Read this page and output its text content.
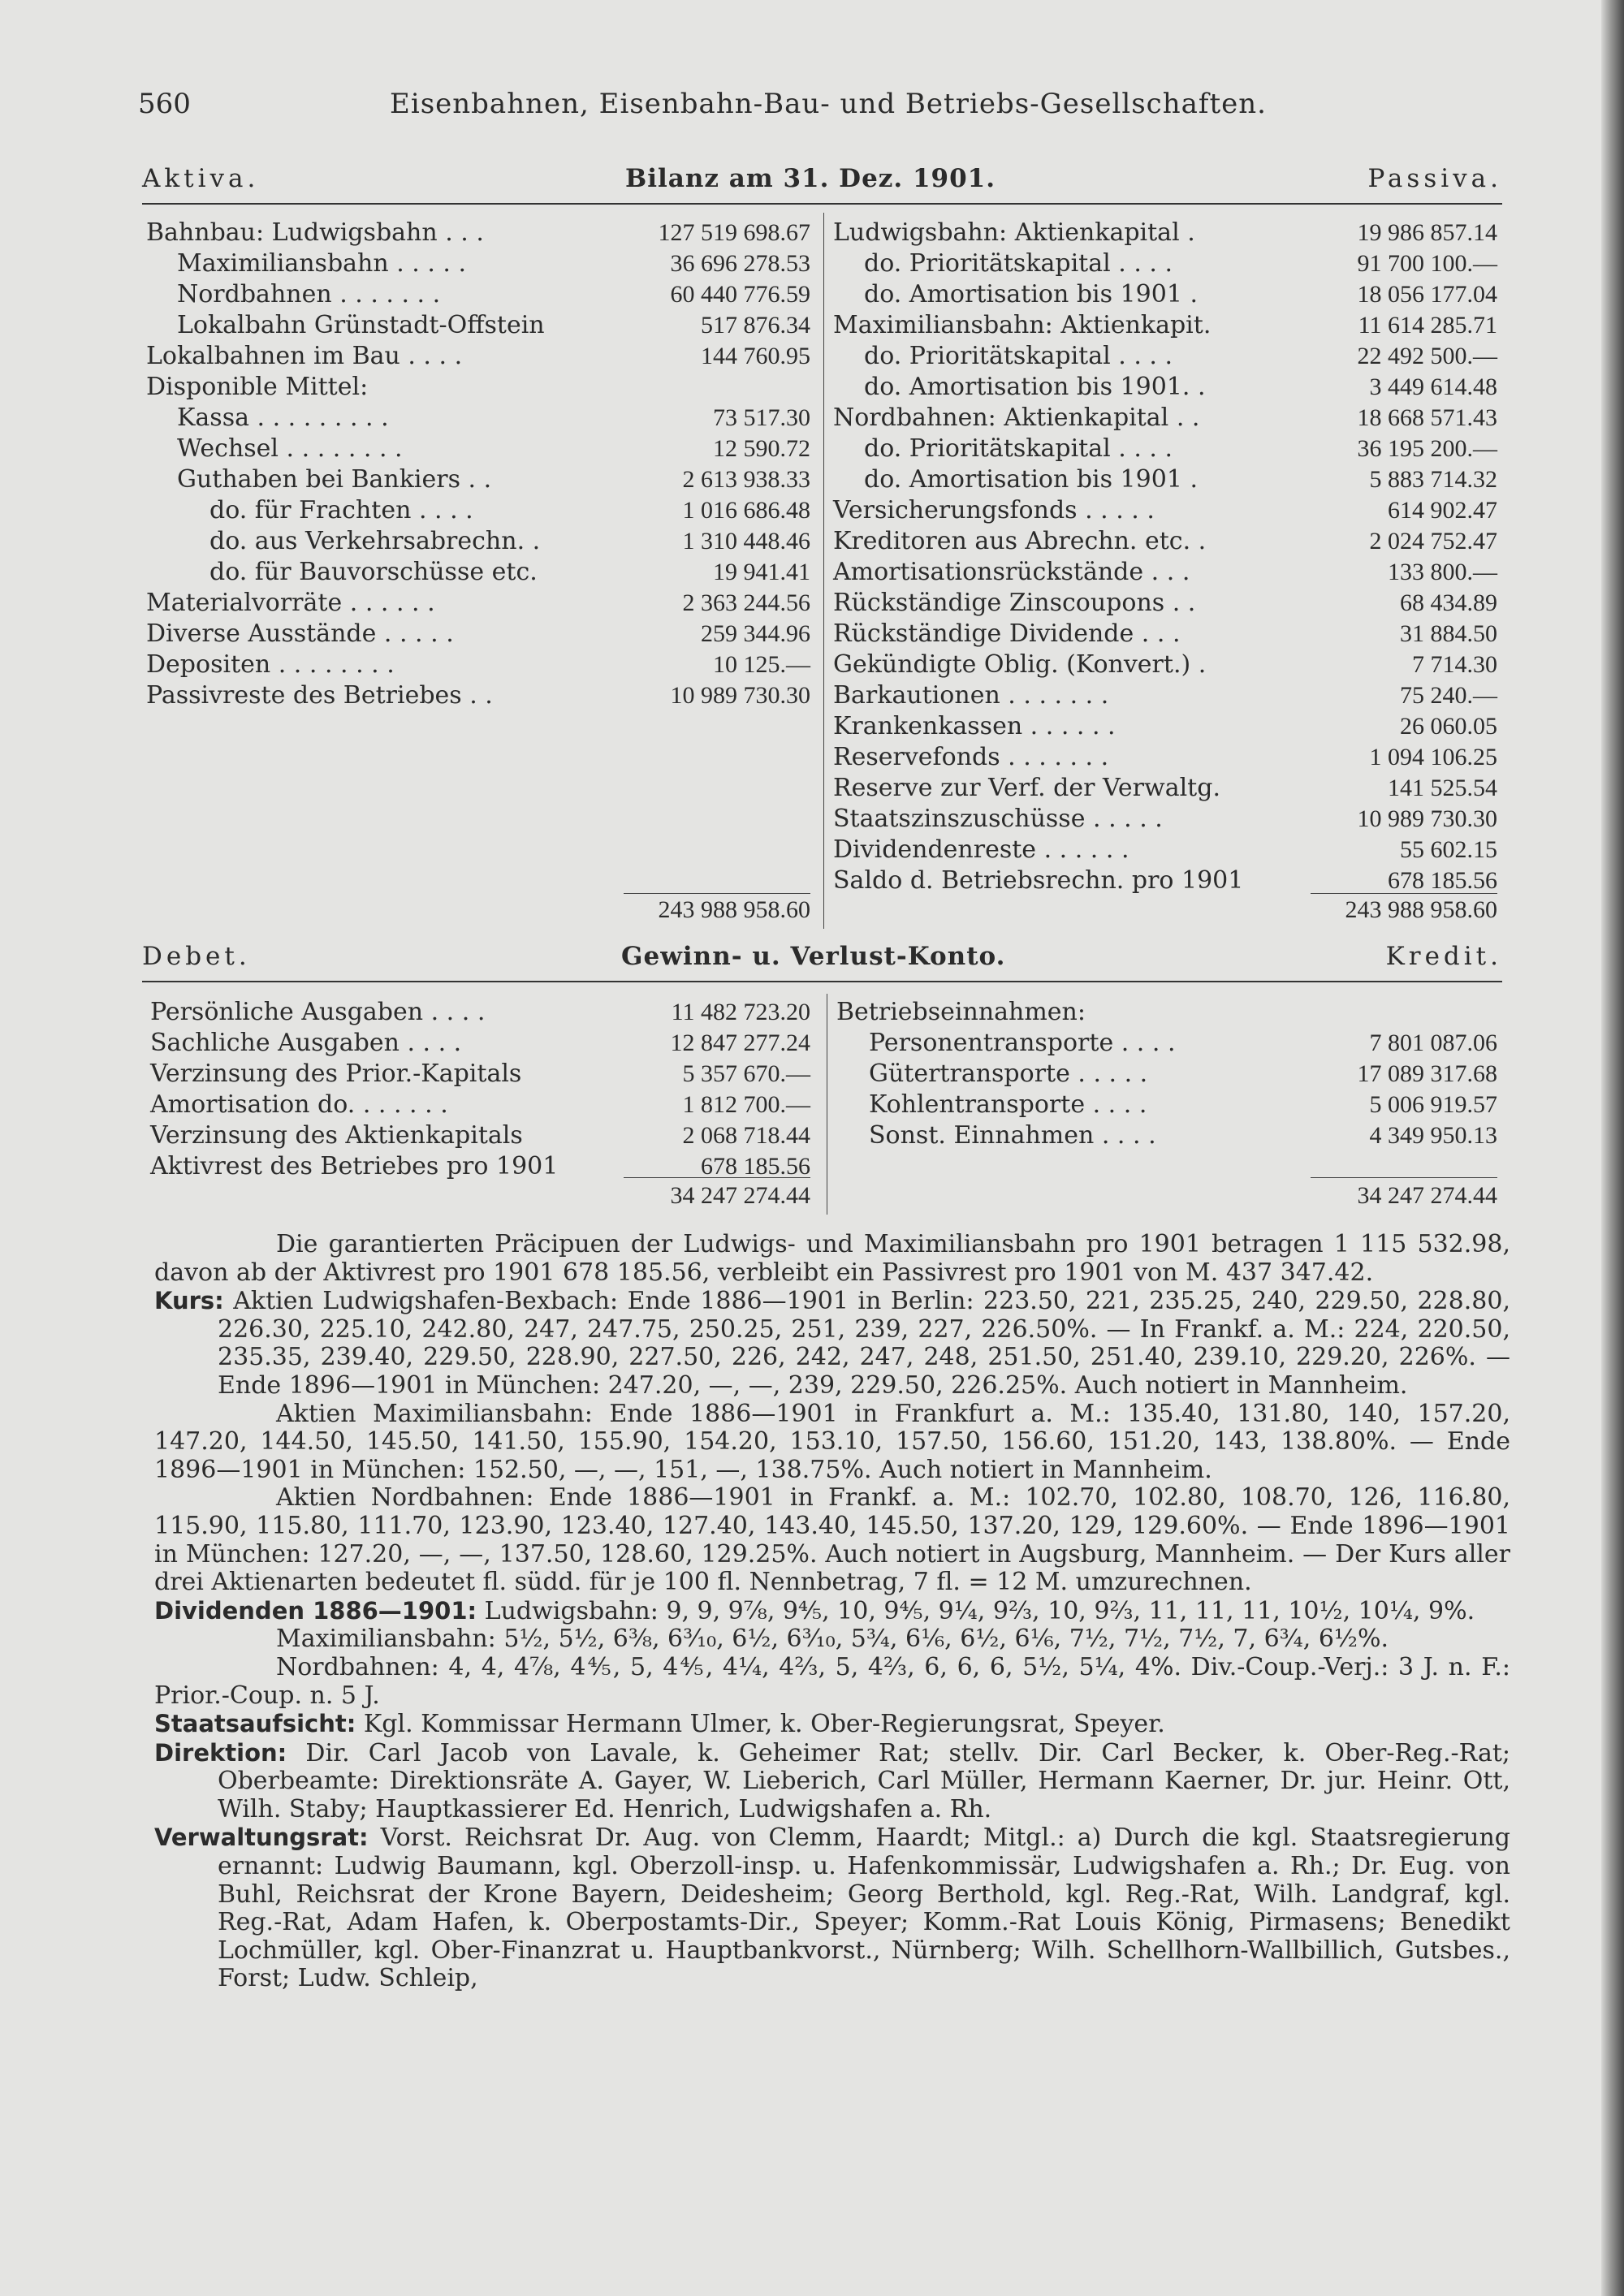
560	Eisenbahnen, Eisenbahn-Bau- und Betriebs-Gesellschaften.
Aktiva.	Bilanz am 31. Dez. 1901.	Passiva.
Bahnbau: Ludwigsbahn . . .	127 519 698.67
Maximiliansbahn . . . . .	36 696 278.53
Nordbahnen . . . . . . .	60 440 776.59
Lokalbahn Grünstadt-Offstein	517 876.34
Lokalbahnen im Bau . . . .	144 760.95
Disponible Mittel:
Kassa . . . . . . . . .	73 517.30
Wechsel . . . . . . . .	12 590.72
Guthaben bei Bankiers . .	2 613 938.33
do. für Frachten . . . .	1 016 686.48
do. aus Verkehrsabrechn. .	1 310 448.46
do. für Bauvorschüsse etc.	19 941.41
Materialvorräte . . . . . .	2 363 244.56
Diverse Ausstände . . . . .	259 344.96
Depositen . . . . . . . .	10 125.—
Passivreste des Betriebes . .	10 989 730.30
Ludwigsbahn: Aktienkapital .	19 986 857.14
do. Prioritätskapital . . . .	91 700 100.—
do. Amortisation bis 1901 .	18 056 177.04
Maximiliansbahn: Aktienkapit.	11 614 285.71
do. Prioritätskapital . . . .	22 492 500.—
do. Amortisation bis 1901. .	3 449 614.48
Nordbahnen: Aktienkapital . .	18 668 571.43
do. Prioritätskapital . . . .	36 195 200.—
do. Amortisation bis 1901 .	5 883 714.32
Versicherungsfonds . . . . .	614 902.47
Kreditoren aus Abrechn. etc. .	2 024 752.47
Amortisationsrückstände . . .	133 800.—
Rückständige Zinscoupons . .	68 434.89
Rückständige Dividende . . .	31 884.50
Gekündigte Oblig. (Konvert.) .	7 714.30
Barkautionen . . . . . . .	75 240.—
Krankenkassen . . . . . .	26 060.05
Reservefonds . . . . . . .	1 094 106.25
Reserve zur Verf. der Verwaltg.	141 525.54
Staatszinszuschüsse . . . . .	10 989 730.30
Dividendenreste . . . . . .	55 602.15
Saldo d. Betriebsrechn. pro 1901	678 185.56
243 988 958.60	243 988 958.60
Debet.	Gewinn- u. Verlust-Konto.	Kredit.
Persönliche Ausgaben . . . .	11 482 723.20
Sachliche Ausgaben . . . .	12 847 277.24
Verzinsung des Prior.-Kapitals	5 357 670.—
Amortisation do. . . . . . .	1 812 700.—
Verzinsung des Aktienkapitals	2 068 718.44
Aktivrest des Betriebes pro 1901	678 185.56
Betriebseinnahmen:
Personentransporte . . . .	7 801 087.06
Gütertransporte . . . . .	17 089 317.68
Kohlentransporte . . . .	5 006 919.57
Sonst. Einnahmen . . . .	4 349 950.13
34 247 274.44	34 247 274.44

Die garantierten Präcipuen der Ludwigs- und Maximiliansbahn pro 1901 betragen 1 115 532.98, davon ab der Aktivrest pro 1901 678 185.56, verbleibt ein Passivrest pro 1901 von M. 437 347.42.

Kurs: Aktien Ludwigshafen-Bexbach: Ende 1886—1901 in Berlin: 223.50, 221, 235.25, 240, 229.50, 228.80, 226.30, 225.10, 242.80, 247, 247.75, 250.25, 251, 239, 227, 226.50%. — In Frankf. a. M.: 224, 220.50, 235.35, 239.40, 229.50, 228.90, 227.50, 226, 242, 247, 248, 251.50, 251.40, 239.10, 229.20, 226%. — Ende 1896—1901 in München: 247.20, —, —, 239, 229.50, 226.25%. Auch notiert in Mannheim.

Aktien Maximiliansbahn: Ende 1886—1901 in Frankfurt a. M.: 135.40, 131.80, 140, 157.20, 147.20, 144.50, 145.50, 141.50, 155.90, 154.20, 153.10, 157.50, 156.60, 151.20, 143, 138.80%. — Ende 1896—1901 in München: 152.50, —, —, 151, —, 138.75%. Auch notiert in Mannheim.

Aktien Nordbahnen: Ende 1886—1901 in Frankf. a. M.: 102.70, 102.80, 108.70, 126, 116.80, 115.90, 115.80, 111.70, 123.90, 123.40, 127.40, 143.40, 145.50, 137.20, 129, 129.60%. — Ende 1896—1901 in München: 127.20, —, —, 137.50, 128.60, 129.25%. Auch notiert in Augsburg, Mannheim. — Der Kurs aller drei Aktienarten bedeutet fl. südd. für je 100 fl. Nennbetrag, 7 fl. = 12 M. umzurechnen.

Dividenden 1886—1901: Ludwigsbahn: 9, 9, 9⅞, 9⅘, 10, 9⅘, 9¼, 9⅔, 10, 9⅔, 11, 11, 11, 10½, 10¼, 9%.

Maximiliansbahn: 5½, 5½, 6⅜, 6³⁄₁₀, 6½, 6³⁄₁₀, 5¾, 6⅙, 6½, 6⅙, 7½, 7½, 7½, 7, 6¾, 6½%.

Nordbahnen: 4, 4, 4⅞, 4⅘, 5, 4⅘, 4¼, 4⅔, 5, 4⅔, 6, 6, 6, 5½, 5¼, 4%. Div.-Coup.-Verj.: 3 J. n. F.: Prior.-Coup. n. 5 J.

Staatsaufsicht: Kgl. Kommissar Hermann Ulmer, k. Ober-Regierungsrat, Speyer.

Direktion: Dir. Carl Jacob von Lavale, k. Geheimer Rat; stellv. Dir. Carl Becker, k. Ober-Reg.-Rat; Oberbeamte: Direktionsräte A. Gayer, W. Lieberich, Carl Müller, Hermann Kaerner, Dr. jur. Heinr. Ott, Wilh. Staby; Hauptkassierer Ed. Henrich, Ludwigshafen a. Rh.

Verwaltungsrat: Vorst. Reichsrat Dr. Aug. von Clemm, Haardt; Mitgl.: a) Durch die kgl. Staatsregierung ernannt: Ludwig Baumann, kgl. Oberzoll-insp. u. Hafenkommissär, Ludwigshafen a. Rh.; Dr. Eug. von Buhl, Reichsrat der Krone Bayern, Deidesheim; Georg Berthold, kgl. Reg.-Rat, Wilh. Landgraf, kgl. Reg.-Rat, Adam Hafen, k. Oberpostamts-Dir., Speyer; Komm.-Rat Louis König, Pirmasens; Benedikt Lochmüller, kgl. Ober-Finanzrat u. Hauptbankvorst., Nürnberg; Wilh. Schellhorn-Wallbillich, Gutsbes., Forst; Ludw. Schleip,
